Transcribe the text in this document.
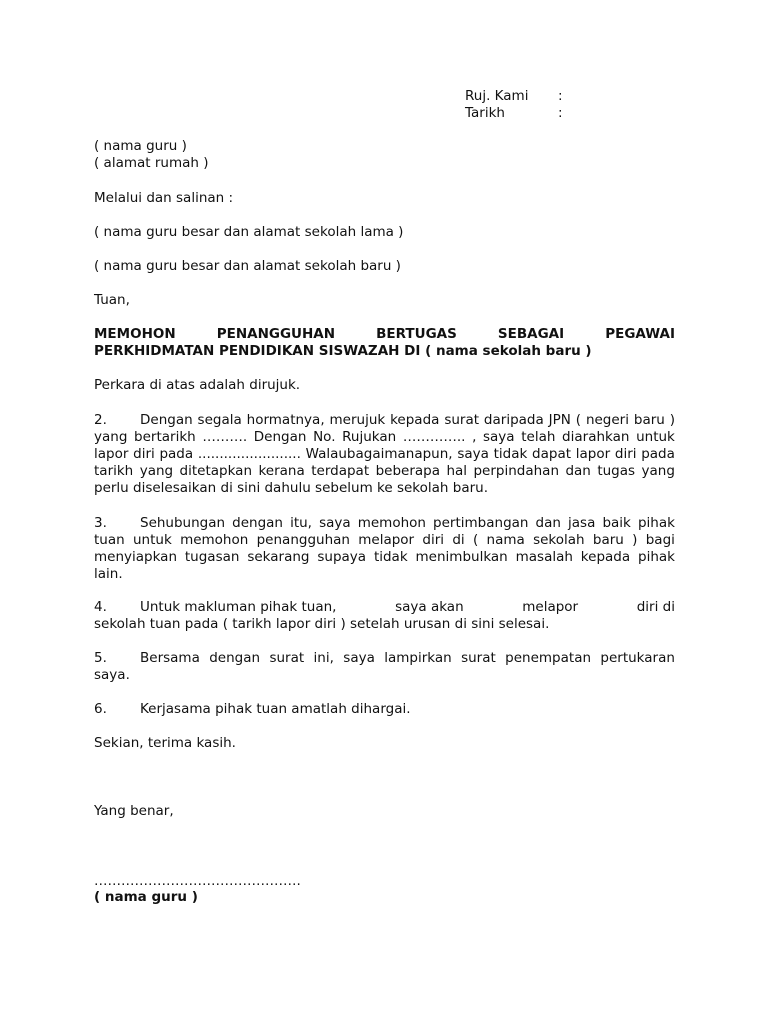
Ruj. Kami :
Tarikh	:
( nama guru )
( alamat rumah )
Melalui dan salinan :
( nama guru besar dan alamat sekolah lama )
( nama guru besar dan alamat sekolah baru )
Tuan,
MEMOHON	PENANGGUHAN	BERTUGAS	SEBAGAI	PEGAWAI
PERKHIDMATAN PENDIDIKAN SISWAZAH DI ( nama sekolah baru )
Perkara di atas adalah dirujuk.
2. Dengan segala hormatnya, merujuk kepada surat daripada JPN ( negeri baru )
yang bertarikh ………. Dengan No. Rujukan ………….. , saya telah diarahkan untuk
lapor diri pada ........................ Walaubagaimanapun, saya tidak dapat lapor diri pada
tarikh yang ditetapkan kerana terdapat beberapa hal perpindahan dan tugas yang
perlu diselesaikan di sini dahulu sebelum ke sekolah baru.
3. Sehubungan dengan itu, saya memohon pertimbangan dan jasa baik pihak
tuan untuk memohon penangguhan melapor diri di ( nama sekolah baru ) bagi
menyiapkan tugasan sekarang supaya tidak menimbulkan masalah kepada pihak
lain.
4. Untuk makluman pihak tuan,	saya akan	melapor	diri di
sekolah tuan pada ( tarikh lapor diri ) setelah urusan di sini selesai.
5. Bersama dengan surat ini, saya lampirkan surat penempatan pertukaran
saya.
6. Kerjasama pihak tuan amatlah dihargai.
Sekian, terima kasih.
Yang benar,
……………………………………….
( nama guru )
